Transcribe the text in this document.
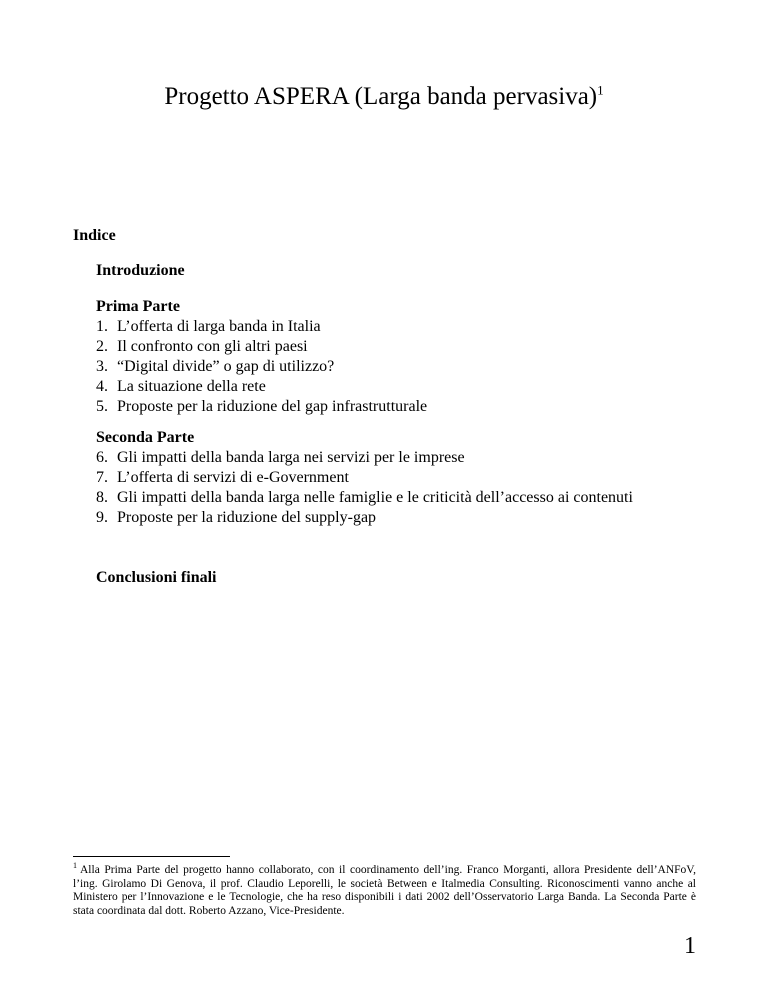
Progetto ASPERA (Larga banda pervasiva)$^1$
Indice
Introduzione
Prima Parte
1. L’offerta di larga banda in Italia
2. Il confronto con gli altri paesi
3. “Digital divide” o gap di utilizzo?
4. La situazione della rete
5. Proposte per la riduzione del gap infrastrutturale
Seconda Parte
6. Gli impatti della banda larga nei servizi per le imprese
7. L’offerta di servizi di e-Government
8. Gli impatti della banda larga nelle famiglie e le criticità dell’accesso ai contenuti
9. Proposte per la riduzione del supply-gap
Conclusioni finali
$^1$ Alla Prima Parte del progetto hanno collaborato, con il coordinamento dell’ing. Franco Morganti, allora Presidente dell’ANFoV, l’ing. Girolamo Di Genova, il prof. Claudio Leporelli, le società Between e Italmedia Consulting. Riconoscimenti vanno anche al Ministero per l’Innovazione e le Tecnologie, che ha reso disponibili i dati 2002 dell’Osservatorio Larga Banda. La Seconda Parte è stata coordinata dal dott. Roberto Azzano, Vice-Presidente.
1
